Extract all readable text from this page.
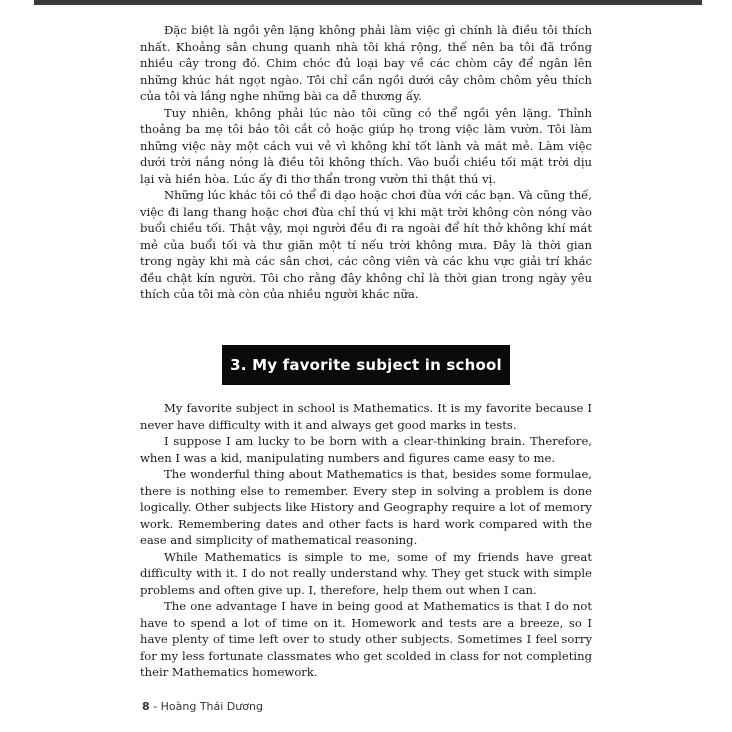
Đặc biệt là ngồi yên lặng không phải làm việc gì chính là điều tôi thích nhất. Khoảng sân chung quanh nhà tôi khá rộng, thế nên ba tôi đã trồng nhiều cây trong đó. Chim chóc đủ loại bay về các chòm cây để ngân lên những khúc hát ngọt ngào. Tôi chỉ cần ngồi dưới cây chôm chôm yêu thích của tôi và lắng nghe những bài ca dễ thương ấy.

Tuy nhiên, không phải lúc nào tôi cũng có thể ngồi yên lặng. Thỉnh thoảng ba mẹ tôi bảo tôi cắt cỏ hoặc giúp họ trong việc làm vườn. Tôi làm những việc này một cách vui vẻ vì không khí tốt lành và mát mẻ. Làm việc dưới trời nắng nóng là điều tôi không thích. Vào buổi chiều tối mặt trời dịu lại và hiền hòa. Lúc ấy đi thơ thẩn trong vườn thì thật thú vị.

Những lúc khác tôi có thể đi dạo hoặc chơi đùa với các bạn. Và cũng thế, việc đi lang thang hoặc chơi đùa chỉ thú vị khi mặt trời không còn nóng vào buổi chiều tối. Thật vậy, mọi người đều đi ra ngoài để hít thở không khí mát mẻ của buổi tối và thư giãn một tí nếu trời không mưa. Đây là thời gian trong ngày khi mà các sân chơi, các công viên và các khu vực giải trí khác đều chật kín người. Tôi cho rằng đây không chỉ là thời gian trong ngày yêu thích của tôi mà còn của nhiều người khác nữa.

3. My favorite subject in school

My favorite subject in school is Mathematics. It is my favorite because I never have difficulty with it and always get good marks in tests.

I suppose I am lucky to be born with a clear-thinking brain. Therefore, when I was a kid, manipulating numbers and figures came easy to me.

The wonderful thing about Mathematics is that, besides some formulae, there is nothing else to remember. Every step in solving a problem is done logically. Other subjects like History and Geography require a lot of memory work. Remembering dates and other facts is hard work compared with the ease and simplicity of mathematical reasoning.

While Mathematics is simple to me, some of my friends have great difficulty with it. I do not really understand why. They get stuck with simple problems and often give up. I, therefore, help them out when I can.

The one advantage I have in being good at Mathematics is that I do not have to spend a lot of time on it. Homework and tests are a breeze, so I have plenty of time left over to study other subjects. Sometimes I feel sorry for my less fortunate classmates who get scolded in class for not completing their Mathematics homework.

8 - Hoàng Thái Dương
